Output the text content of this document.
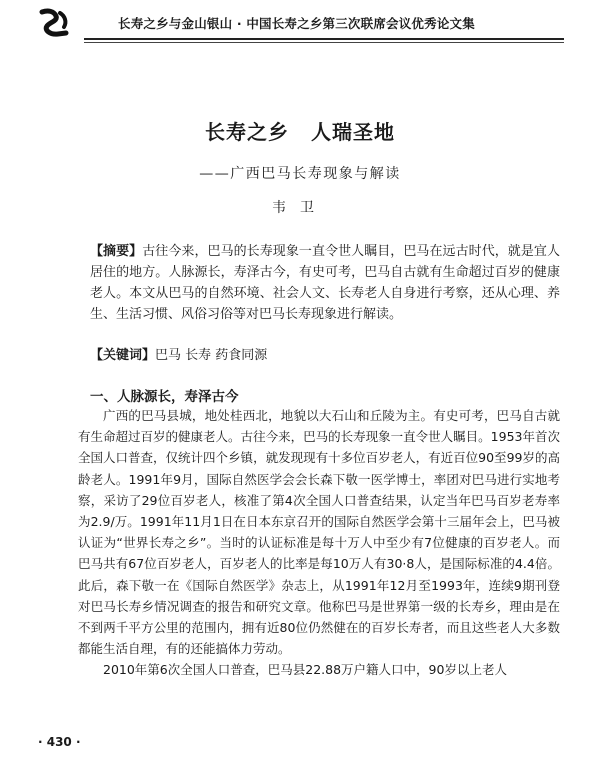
长寿之乡与金山银山 · 中国长寿之乡第三次联席会议优秀论文集
长寿之乡 人瑞圣地
——广西巴马长寿现象与解读
韦卫
【摘要】古往今来，巴马的长寿现象一直令世人瞩目，巴马在远古时代，就是宜人居住的地方。人脉源长，寿泽古今，有史可考，巴马自古就有生命超过百岁的健康老人。本文从巴马的自然环境、社会人文、长寿老人自身进行考察，还从心理、养生、生活习惯、风俗习俗等对巴马长寿现象进行解读。
【关键词】巴马 长寿 药食同源
一、人脉源长，寿泽古今

广西的巴马县城，地处桂西北，地貌以大石山和丘陵为主。有史可考，巴马自古就有生命超过百岁的健康老人。古往今来，巴马的长寿现象一直令世人瞩目。1953年首次全国人口普查，仅统计四个乡镇，就发现现有十多位百岁老人，有近百位90至99岁的高龄老人。1991年9月，国际自然医学会会长森下敬一医学博士，率团对巴马进行实地考察，采访了29位百岁老人，核准了第4次全国人口普查结果，认定当年巴马百岁老寿率为2.9/万。1991年11月1日在日本东京召开的国际自然医学会第十三届年会上，巴马被认证为“世界长寿之乡”。当时的认证标准是每十万人中至少有7位健康的百岁老人。而巴马共有67位百岁老人，百岁老人的比率是每10万人有30·8人，是国际标准的4.4倍。此后，森下敬一在《国际自然医学》杂志上，从1991年12月至1993年，连续9期刊登对巴马长寿乡情况调查的报告和研究文章。他称巴马是世界第一级的长寿乡，理由是在不到两千平方公里的范围内，拥有近80位仍然健在的百岁长寿者，而且这些老人大多数都能生活自理，有的还能搞体力劳动。

2010年第6次全国人口普查，巴马县22.88万户籍人口中，90岁以上老人

· 430 ·
